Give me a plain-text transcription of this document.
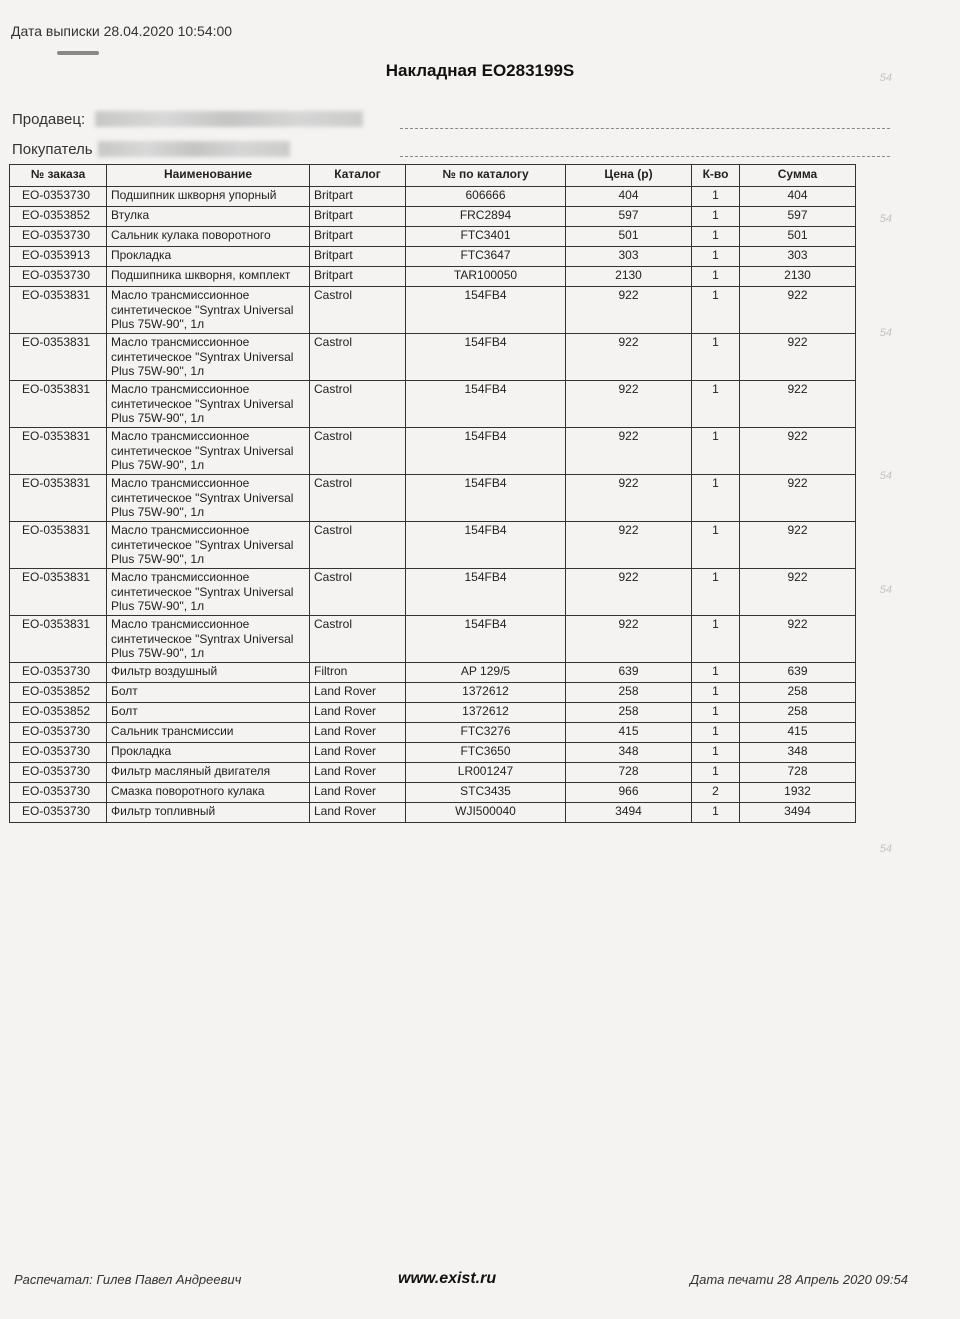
Дата выписки 28.04.2020 10:54:00
Накладная EO283199S
Продавец:
Покупатель
№ заказа	Наименование	Каталог	№ по каталогу	Цена (р)	К-во	Сумма
EO-0353730	Подшипник шкворня упорный	Britpart	606666	404	1	404
EO-0353852	Втулка	Britpart	FRC2894	597	1	597
EO-0353730	Сальник кулака поворотного	Britpart	FTC3401	501	1	501
EO-0353913	Прокладка	Britpart	FTC3647	303	1	303
EO-0353730	Подшипника шкворня, комплект	Britpart	TAR100050	2130	1	2130
EO-0353831	Масло трансмиссионное синтетическое "Syntrax Universal Plus 75W-90", 1л	Castrol	154FB4	922	1	922
EO-0353831	Масло трансмиссионное синтетическое "Syntrax Universal Plus 75W-90", 1л	Castrol	154FB4	922	1	922
EO-0353831	Масло трансмиссионное синтетическое "Syntrax Universal Plus 75W-90", 1л	Castrol	154FB4	922	1	922
EO-0353831	Масло трансмиссионное синтетическое "Syntrax Universal Plus 75W-90", 1л	Castrol	154FB4	922	1	922
EO-0353831	Масло трансмиссионное синтетическое "Syntrax Universal Plus 75W-90", 1л	Castrol	154FB4	922	1	922
EO-0353831	Масло трансмиссионное синтетическое "Syntrax Universal Plus 75W-90", 1л	Castrol	154FB4	922	1	922
EO-0353831	Масло трансмиссионное синтетическое "Syntrax Universal Plus 75W-90", 1л	Castrol	154FB4	922	1	922
EO-0353831	Масло трансмиссионное синтетическое "Syntrax Universal Plus 75W-90", 1л	Castrol	154FB4	922	1	922
EO-0353730	Фильтр воздушный	Filtron	AP 129/5	639	1	639
EO-0353852	Болт	Land Rover	1372612	258	1	258
EO-0353852	Болт	Land Rover	1372612	258	1	258
EO-0353730	Сальник трансмиссии	Land Rover	FTC3276	415	1	415
EO-0353730	Прокладка	Land Rover	FTC3650	348	1	348
EO-0353730	Фильтр масляный двигателя	Land Rover	LR001247	728	1	728
EO-0353730	Смазка поворотного кулака	Land Rover	STC3435	966	2	1932
EO-0353730	Фильтр топливный	Land Rover	WJI500040	3494	1	3494
54
54
54
54
54
54
Распечатал: Гилев Павел Андреевич	www.exist.ru	Дата печати 28 Апрель 2020 09:54
